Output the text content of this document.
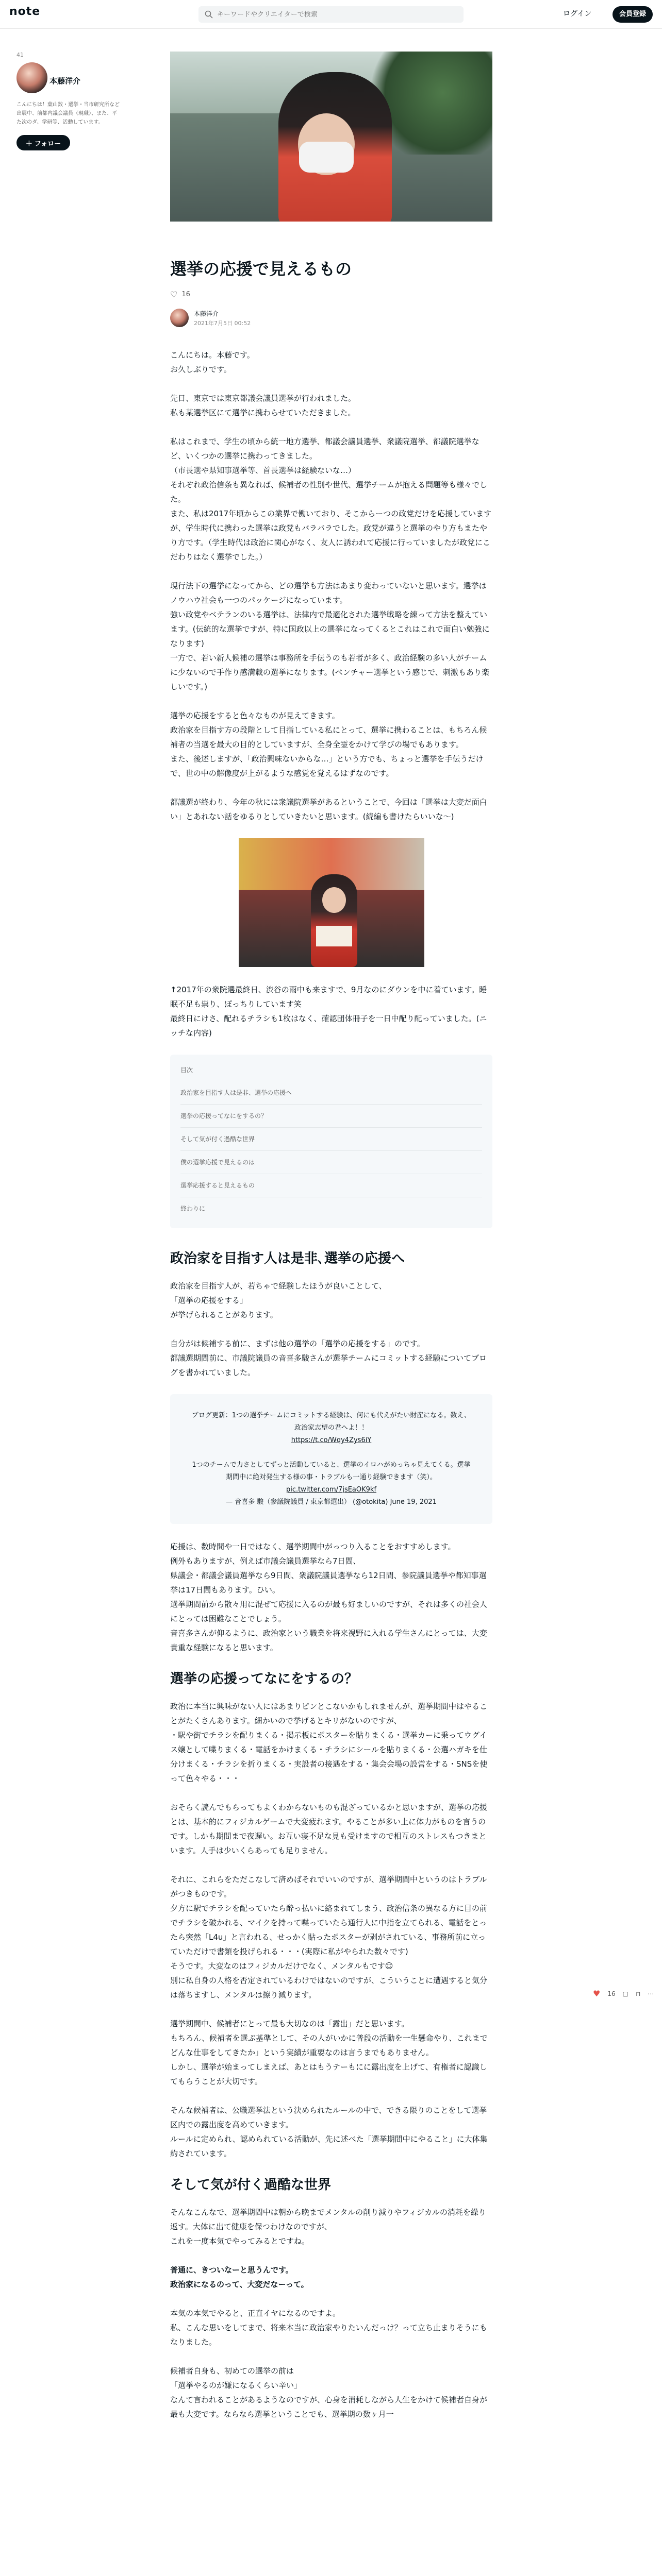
note
キーワードやクリエイターで検索	ログイン	会員登録
41
本藤洋介
こんにちは！葉山数・選挙・当市研究所など出展中、前都内議会議員（現職）、また、平た次のダ、学研等、活動しています。
＋ フォロー
選挙の応援で見えるもの
♡ 16
本藤洋介
2021年7月5日 00:52

こんにちは。本藤です。
お久しぶりです。

先日、東京では東京都議会議員選挙が行われました。
私も某選挙区にて選挙に携わらせていただきました。

私はこれまで、学生の頃から統一地方選挙、都議会議員選挙、衆議院選挙、都議院選挙など、いくつかの選挙に携わってきました。
（市長選や県知事選挙等、首長選挙は経験ないな…）
それぞれ政治信条も異なれば、候補者の性別や世代、選挙チームが抱える問題等も様々でした。
また、私は2017年頃からこの業界で働いており、そこからーつの政党だけを応援していますが、学生時代に携わった選挙は政党もバラバラでした。政党が違うと選挙のやり方もまたやり方です。（学生時代は政治に関心がなく、友人に誘われて応援に行っていましたが政党にこだわりはなく選挙でした。）

現行法下の選挙になってから、どの選挙も方法はあまり変わっていないと思います。選挙はノウハウ社会も一つのパッケージになっています。
強い政党やベテランのいる選挙は、法律内で最適化された選挙戦略を練って方法を整えています。(伝統的な選挙ですが、特に国政以上の選挙になってくるとこれはこれで面白い勉強になります)
一方で、若い新人候補の選挙は事務所を手伝うのも若者が多く、政治経験の多い人がチームに少ないので手作り感満載の選挙になります。(ベンチャー選挙という感じで、刺激もあり楽しいです。)

選挙の応援をすると色々なものが見えてきます。
政治家を目指す方の段階として目指している私にとって、選挙に携わることは、もちろん候補者の当選を最大の目的としていますが、全身全霊をかけて学びの場でもあります。
また、後述しますが、「政治興味ないからな…」という方でも、ちょっと選挙を手伝うだけで、世の中の解像度が上がるような感覚を覚えるはずなのです。

都議選が終わり、今年の秋には衆議院選挙があるということで、今回は「選挙は大変だ面白い」とあれない話をゆるりとしていきたいと思います。(続編も書けたらいいな～)

↑2017年の衆院選最終日、渋谷の雨中も来ますで、9月なのにダウンを中に着ています。睡眠不足も祟り、ぽっちりしています笑
最終日にけさ、配れるチラシも1枚はなく、確認団体冊子を一日中配り配っていました。(ニッチな内容)

目次
政治家を目指す人は是非、選挙の応援へ
選挙の応援ってなにをするの？
そして気が付く過酷な世界
僕の選挙応援で見えるのは
選挙応援すると見えるもの
終わりに
政治家を目指す人は是非､選挙の応援へ

政治家を目指す人が、若ちゃで経験したほうが良いことして、
「選挙の応援をする」
が挙げられることがあります。

自分がは候補する前に、まずは他の選挙の「選挙の応援をする」のです。
都議選期間前に、市議院議員の音喜多駿さんが選挙チームにコミットする経験についてブログを書かれていました。

ブログ更新：1つの選挙チームにコミットする経験は、何にも代えがたい財産になる。数え、政治家志望の君へよ！！
https://t.co/Wqy4Zys6iY

1つのチームで力さとしてずっと活動していると、選挙のイロハがめっちゃ見えてくる。選挙期間中に絶対発生する様の事・トラブルも一通り経験できます（笑）。
pic.twitter.com/7jsEaOK9kf
— 音喜多 駿（参議院議員 / 東京都選出） (@otokita) June 19, 2021

応援は、数時間や一日ではなく、選挙期間中がっつり入ることをおすすめします。
例外もありますが、例えば市議会議員選挙なら7日間、
県議会・都議会議員選挙なら9日間、衆議院議員選挙なら12日間、参院議員選挙や都知事選挙は17日間もあります。ひい。
選挙期間前から散々用に混ぜて応援に入るのが最も好ましいのですが、それは多くの社会人にとっては困難なことでしょう。
音喜多さんが仰るように、政治家という職業を将来視野に入れる学生さんにとっては、大変貴重な経験になると思います。

選挙の応援ってなにをするの？

政治に本当に興味がない人にはあまりピンとこないかもしれませんが、選挙期間中はやることがたくさんあります。細かいので挙げるとキリがないのですが、
・駅や街でチラシを配りまくる・掲示板にポスターを貼りまくる・選挙カーに乗ってウグイス嬢として喋りまくる・電話をかけまくる・チラシにシールを貼りまくる・公選ハガキを仕分けまくる・チラシを折りまくる・実設者の接遇をする・集会会場の設営をする・SNSを使って色々やる・・・

おそらく読んでもらってもよくわからないものも混ざっているかと思いますが、選挙の応援とは、基本的にフィジカルゲームで大変疲れます。やることが多い上に体力がものを言うのです。しかも期間まで夜遅い。お互い寝不足な見も受けますので相互のストレスもつきまといます。人手は少いくらあっても足りません。

それに、これらをただこなして済めばそれでいいのですが、選挙期間中というのはトラブルがつきものです。
夕方に駅でチラシを配っていたら酔っ払いに絡まれてしまう、政治信条の異なる方に目の前でチラシを破かれる、マイクを持って喋っていたら通行人に中指を立てられる、電話をとったら突然「L4u」と言われる、せっかく貼ったポスターが剥がされている、事務所前に立っていただけで書類を投げられる・・・(実際に私がやられた数々です)
そうです。大変なのはフィジカルだけでなく、メンタルもです☺
別に私自身の人格を否定されているわけではないのですが、こういうことに遭遇すると気分は落ちますし、メンタルは擦り減ります。

選挙期間中、候補者にとって最も大切なのは「露出」だと思います。
もちろん、候補者を選ぶ基準として、その人がいかに普段の活動を一生懸命やり、これまでどんな仕事をしてきたか」という実績が重要なのは言うまでもありません。
しかし、選挙が始まってしまえば、あとはもうテーもにに露出度を上げて、有権者に認識してもらうことが大切です。

そんな候補者は、公職選挙法という決められたルールの中で、できる限りのことをして選挙区内での露出度を高めていきます。
ルールに定められ、認められている活動が、先に述べた「選挙期間中にやること」に大体集約されています。

そして気が付く過酷な世界

そんなこんなで、選挙期間中は朝から晩までメンタルの削り減りやフィジカルの消耗を繰り返す。大体に出て健康を保つわけなのですが、
これを一度本気でやってみるとですね。

普通に、きついなーと思うんです。
政治家になるのって、大変だなーって。

本気の本気でやると、正直イヤになるのですよ。
私、こんな思いをしてまで、将来本当に政治家やりたいんだっけ？って立ち止まりそうにもなりました。

候補者自身も、初めての選挙の前は
「選挙やるのが嫌になるくらい辛い」
なんて言われることがあるようなのですが、心身を消耗しながら人生をかけて候補者自身が最も大変です。ならなら選挙ということでも、選挙期の数ヶ月一

♥ 16 ▢ ⊓ ⋯
